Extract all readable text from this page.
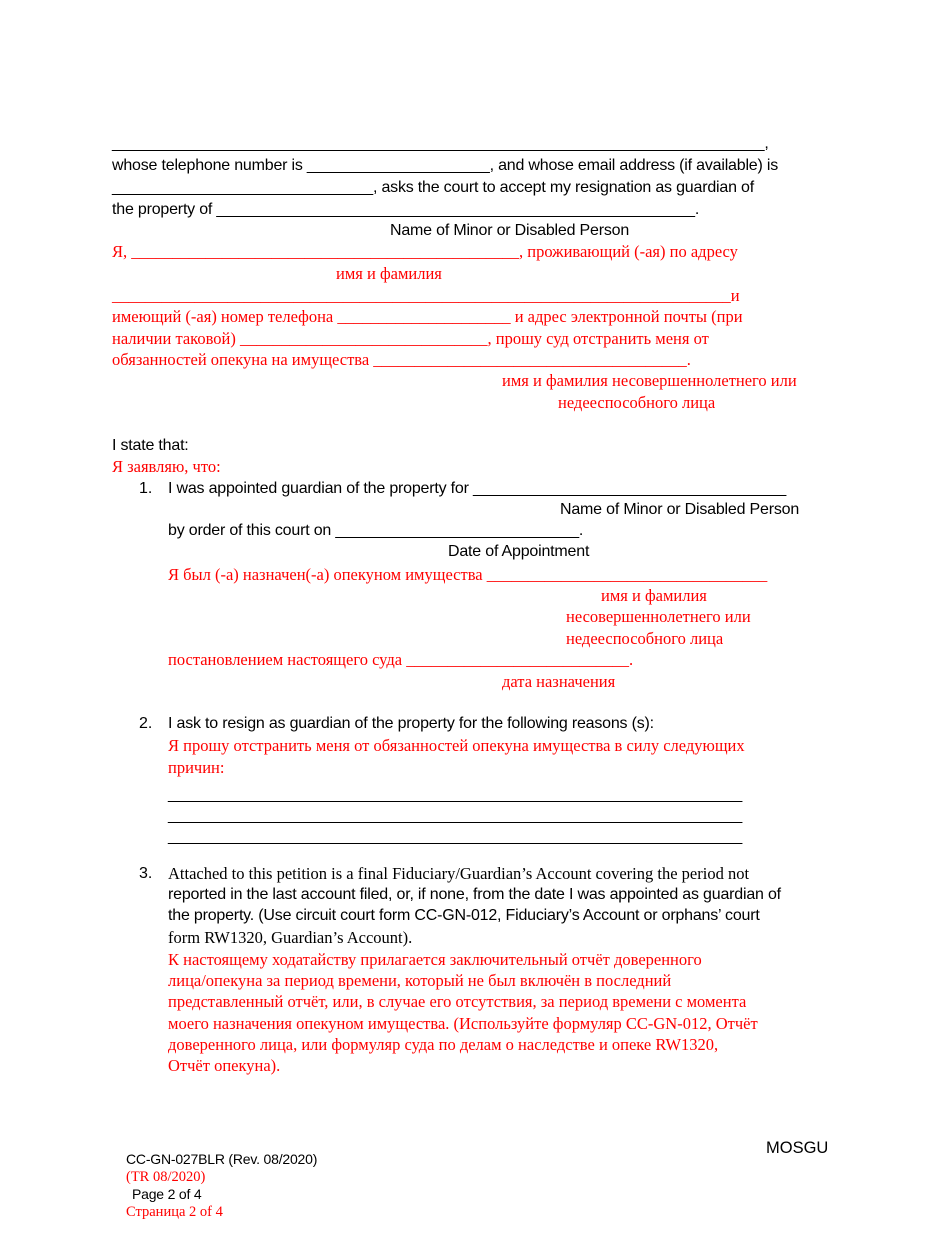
___________________________________________________________________________,
whose telephone number is _____________________, and whose email address (if available) is
______________________________, asks the court to accept my resignation as guardian of
the property of _______________________________________________________.
Name of Minor or Disabled Person
Я, _______________________________________________, проживающий (-ая) по адресу
имя и фамилия
___________________________________________________________________________и
имеющий (-ая) номер телефона _____________________ и адрес электронной почты (при
наличии таковой) ______________________________, прошу суд отстранить меня от
обязанностей опекуна на имущества ______________________________________.
имя и фамилия несовершеннолетнего или
недееспособного лица
I state that:
Я заявляю, что:
1. I was appointed guardian of the property for ____________________________________
Name of Minor or Disabled Person
by order of this court on ____________________________.
Date of Appointment
Я был (-а) назначен(-а) опекуном имущества __________________________________
имя и фамилия
несовершеннолетнего или
недееспособного лица
постановлением настоящего суда ___________________________.
дата назначения
2. I ask to resign as guardian of the property for the following reasons (s):
Я прошу отстранить меня от обязанностей опекуна имущества в силу следующих
причин:
__________________________________________________________________
__________________________________________________________________
__________________________________________________________________
3. Attached to this petition is a final Fiduciary/Guardian’s Account covering the period not
reported in the last account filed, or, if none, from the date I was appointed as guardian of
the property. (Use circuit court form CC-GN-012, Fiduciary’s Account or orphans’ court
form RW1320, Guardian’s Account).
К настоящему ходатайству прилагается заключительный отчёт доверенного
лица/опекуна за период времени, который не был включён в последний
представленный отчёт, или, в случае его отсутствия, за период времени с момента
моего назначения опекуном имущества. (Используйте формуляр CC-GN-012, Отчёт
доверенного лица, или формуляр суда по делам о наследстве и опеке RW1320,
Отчёт опекуна).

CC-GN-027BLR (Rev. 08/2020)
(TR 08/2020)
Page 2 of 4
Страница 2 of 4

MOSGU
